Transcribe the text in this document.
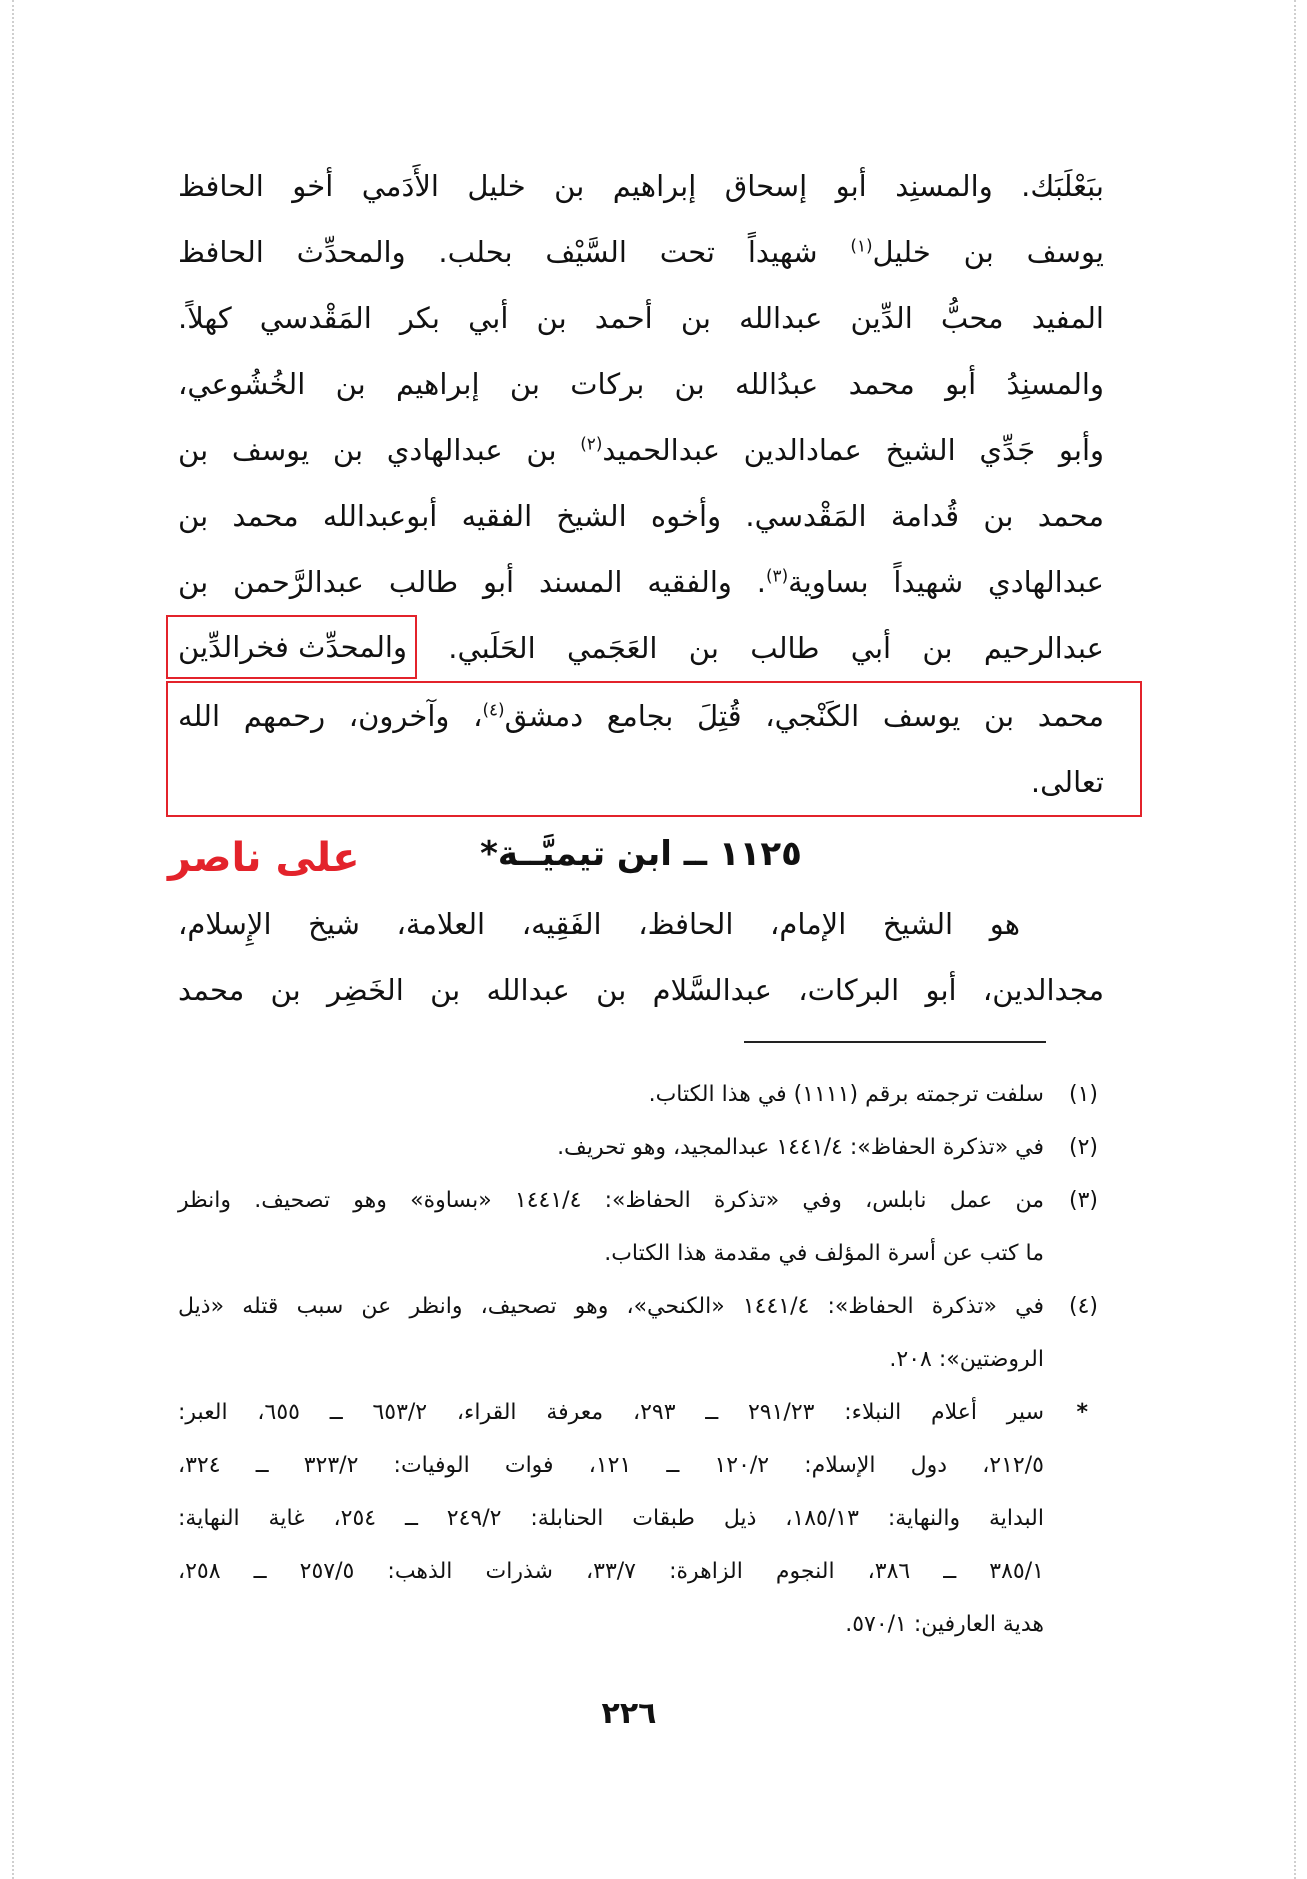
ببَعْلَبَك. والمسنِد أبو إسحاق إبراهيم بن خليل الأَدَمي أخو الحافظ
يوسف بن خليل$^{(١)}$ شهيداً تحت السَّيْف بحلب. والمحدِّث الحافظ
المفيد محبُّ الدِّين عبدالله بن أحمد بن أبي بكر المَقْدسي كهلاً.
والمسنِدُ أبو محمد عبدُالله بن بركات بن إبراهيم بن الخُشُوعي،
وأبو جَدِّي الشيخ عمادالدين عبدالحميد$^{(٢)}$ بن عبدالهادي بن يوسف بن
محمد بن قُدامة المَقْدسي. وأخوه الشيخ الفقيه أبوعبدالله محمد بن
عبدالهادي شهيداً بساوية$^{(٣)}$. والفقيه المسند أبو طالب عبدالرَّحمن بن
عبدالرحيم بن أبي طالب بن العَجَمي الحَلَبي. والمحدِّث فخرالدِّين
محمد بن يوسف الكَنْجي، قُتِلَ بجامع دمشق$^{(٤)}$، وآخرون، رحمهم الله
تعالى.
١١٢٥ ــ ابن تيميَّــة*
على ناصر
هو الشيخ الإمام، الحافظ، الفَقِيه، العلامة، شيخ الإِسلام،
مجدالدين، أبو البركات، عبدالسَّلام بن عبدالله بن الخَضِر بن محمد
(١)
سلفت ترجمته برقم (١١١١) في هذا الكتاب.
(٢)
في «تذكرة الحفاظ»: ١٤٤١/٤ عبدالمجيد، وهو تحريف.
(٣)
من عمل نابلس، وفي «تذكرة الحفاظ»: ١٤٤١/٤ «بساوة» وهو تصحيف. وانظر
ما كتب عن أسرة المؤلف في مقدمة هذا الكتاب.
(٤)
في «تذكرة الحفاظ»: ١٤٤١/٤ «الكنحي»، وهو تصحيف، وانظر عن سبب قتله «ذيل
الروضتين»: ٢٠٨.
*
سير أعلام النبلاء: ٢٩١/٢٣ ــ ٢٩٣، معرفة القراء، ٦٥٣/٢ ــ ٦٥٥، العبر:
٢١٢/٥، دول الإسلام: ١٢٠/٢ ــ ١٢١، فوات الوفيات: ٣٢٣/٢ ــ ٣٢٤،
البداية والنهاية: ١٨٥/١٣، ذيل طبقات الحنابلة: ٢٤٩/٢ ــ ٢٥٤، غاية النهاية:
٣٨٥/١ ــ ٣٨٦، النجوم الزاهرة: ٣٣/٧، شذرات الذهب: ٢٥٧/٥ ــ ٢٥٨،
هدية العارفين: ٥٧٠/١.
٢٢٦
